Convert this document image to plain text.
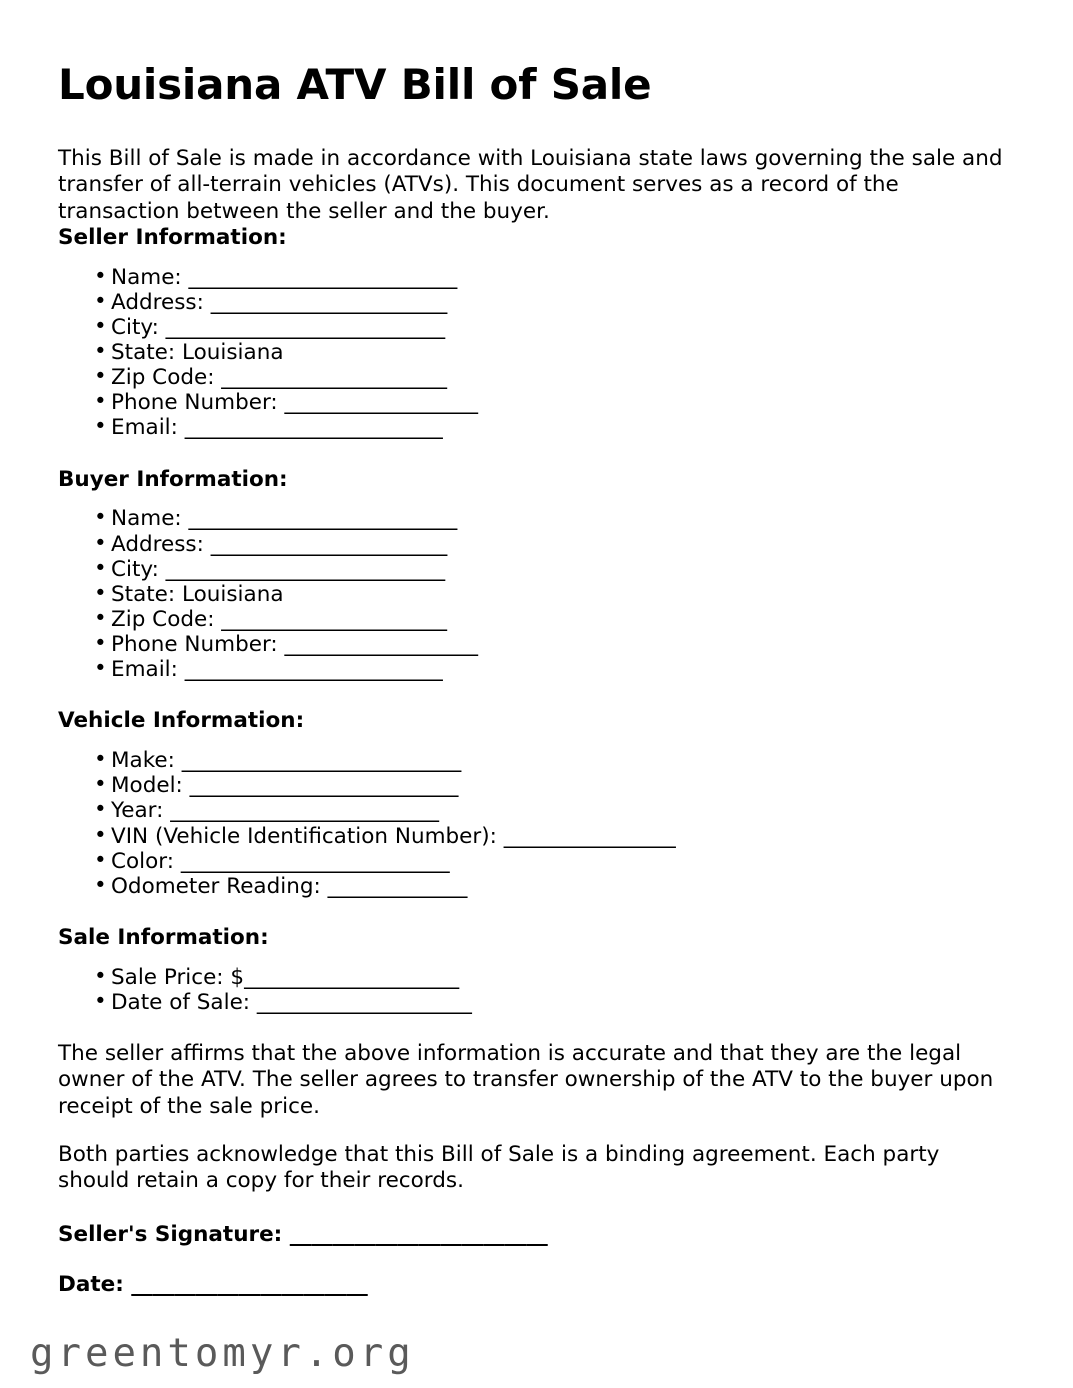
Louisiana ATV Bill of Sale

This Bill of Sale is made in accordance with Louisiana state laws governing the sale and transfer of all-terrain vehicles (ATVs). This document serves as a record of the transaction between the seller and the buyer.

Seller Information:
• Name: _________________________
• Address: ______________________
• City: __________________________
• State: Louisiana
• Zip Code: _____________________
• Phone Number: __________________
• Email: ________________________
Buyer Information:
• Name: _________________________
• Address: ______________________
• City: __________________________
• State: Louisiana
• Zip Code: _____________________
• Phone Number: __________________
• Email: ________________________
Vehicle Information:
• Make: __________________________
• Model: _________________________
• Year: _________________________
• VIN (Vehicle Identification Number): ________________
• Color: _________________________
• Odometer Reading: _____________
Sale Information:
• Sale Price: $____________________
• Date of Sale: ____________________

The seller affirms that the above information is accurate and that they are the legal owner of the ATV. The seller agrees to transfer ownership of the ATV to the buyer upon receipt of the sale price.

Both parties acknowledge that this Bill of Sale is a binding agreement. Each party should retain a copy for their records.

Seller's Signature: ________________________
Date: ______________________
greentomyr.org
